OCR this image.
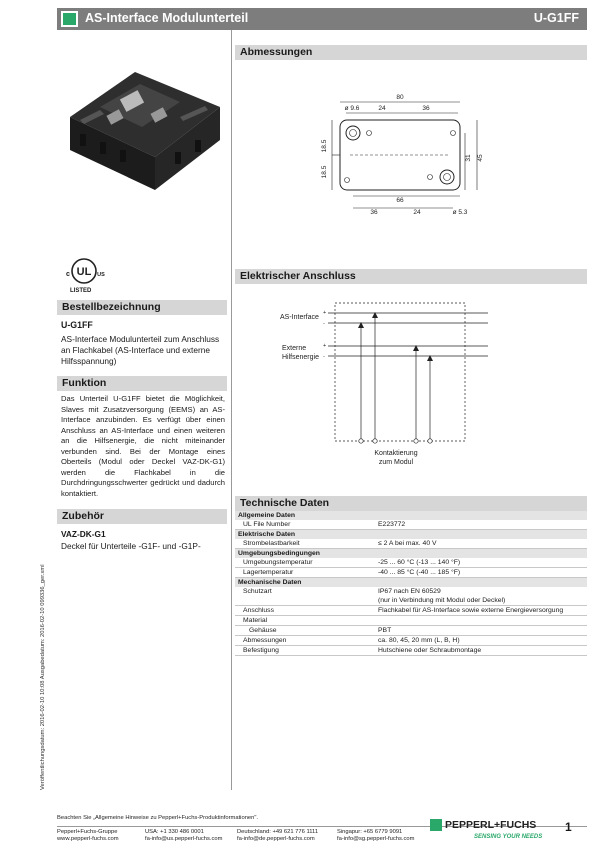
AS-Interface Modulunterteil	U-G1FF
UL
c	US
LISTED
Bestellbezeichnung
U-G1FF
AS-Interface Modulunterteil zum Anschluss an Flachkabel (AS-Interface und externe Hilfsspannung)
Funktion
Das Unterteil U-G1FF bietet die Möglichkeit, Slaves mit Zusatzversorgung (EEMS) an AS-Interface anzubinden. Es verfügt über einen Anschluss an AS-Interface und einen weiteren an die Hilfsenergie, die nicht miteinander verbunden sind. Bei der Montage eines Oberteils (Modul oder Deckel VAZ-DK-G1) werden die Flachkabel in die Durchdringungsschwerter gedrückt und dadurch kontaktiert.
Zubehör
VAZ-DK-G1
Deckel für Unterteile -G1F- und -G1P-
Abmessungen
80
ø 9.6	24	36
18.5
18.5
31 45
66
36	24	ø 5.3
Elektrischer Anschluss
AS-Interface
+
-
Externe
Hilfsenergie
+
-
Kontaktierung
zum Modul
Technische Daten
Allgemeine Daten	
UL File Number	E223772
Elektrische Daten	
Strombelastbarkeit	≤ 2 A bei max. 40 V
Umgebungsbedingungen	
Umgebungstemperatur	-25 ... 60 °C (-13 ... 140 °F)
Lagertemperatur	-40 ... 85 °C (-40 ... 185 °F)
Mechanische Daten	
Schutzart	IP67 nach EN 60529
(nur in Verbindung mit Modul oder Deckel)

Anschluss	Flachkabel für AS-Interface sowie externe Energieversorgung
Material	
Gehäuse	PBT
Abmessungen	ca. 80, 45, 20 mm (L, B, H)
Befestigung	Hutschiene oder Schraubmontage
Veröffentlichungsdatum: 2016-02-10 10:08 Ausgabedatum: 2016-02-10 099336_ger.xml
Beachten Sie „Allgemeine Hinweise zu Pepperl+Fuchs-Produktinformationen".
Pepperl+Fuchs-Gruppe
www.pepperl-fuchs.com
USA: +1 330 486 0001
fa-info@us.pepperl-fuchs.com
Deutschland: +49 621 776 1111
fa-info@de.pepperl-fuchs.com
Singapur: +65 6779 9091
fa-info@sg.pepperl-fuchs.com
PEPPERL+FUCHS
SENSING YOUR NEEDS
1
